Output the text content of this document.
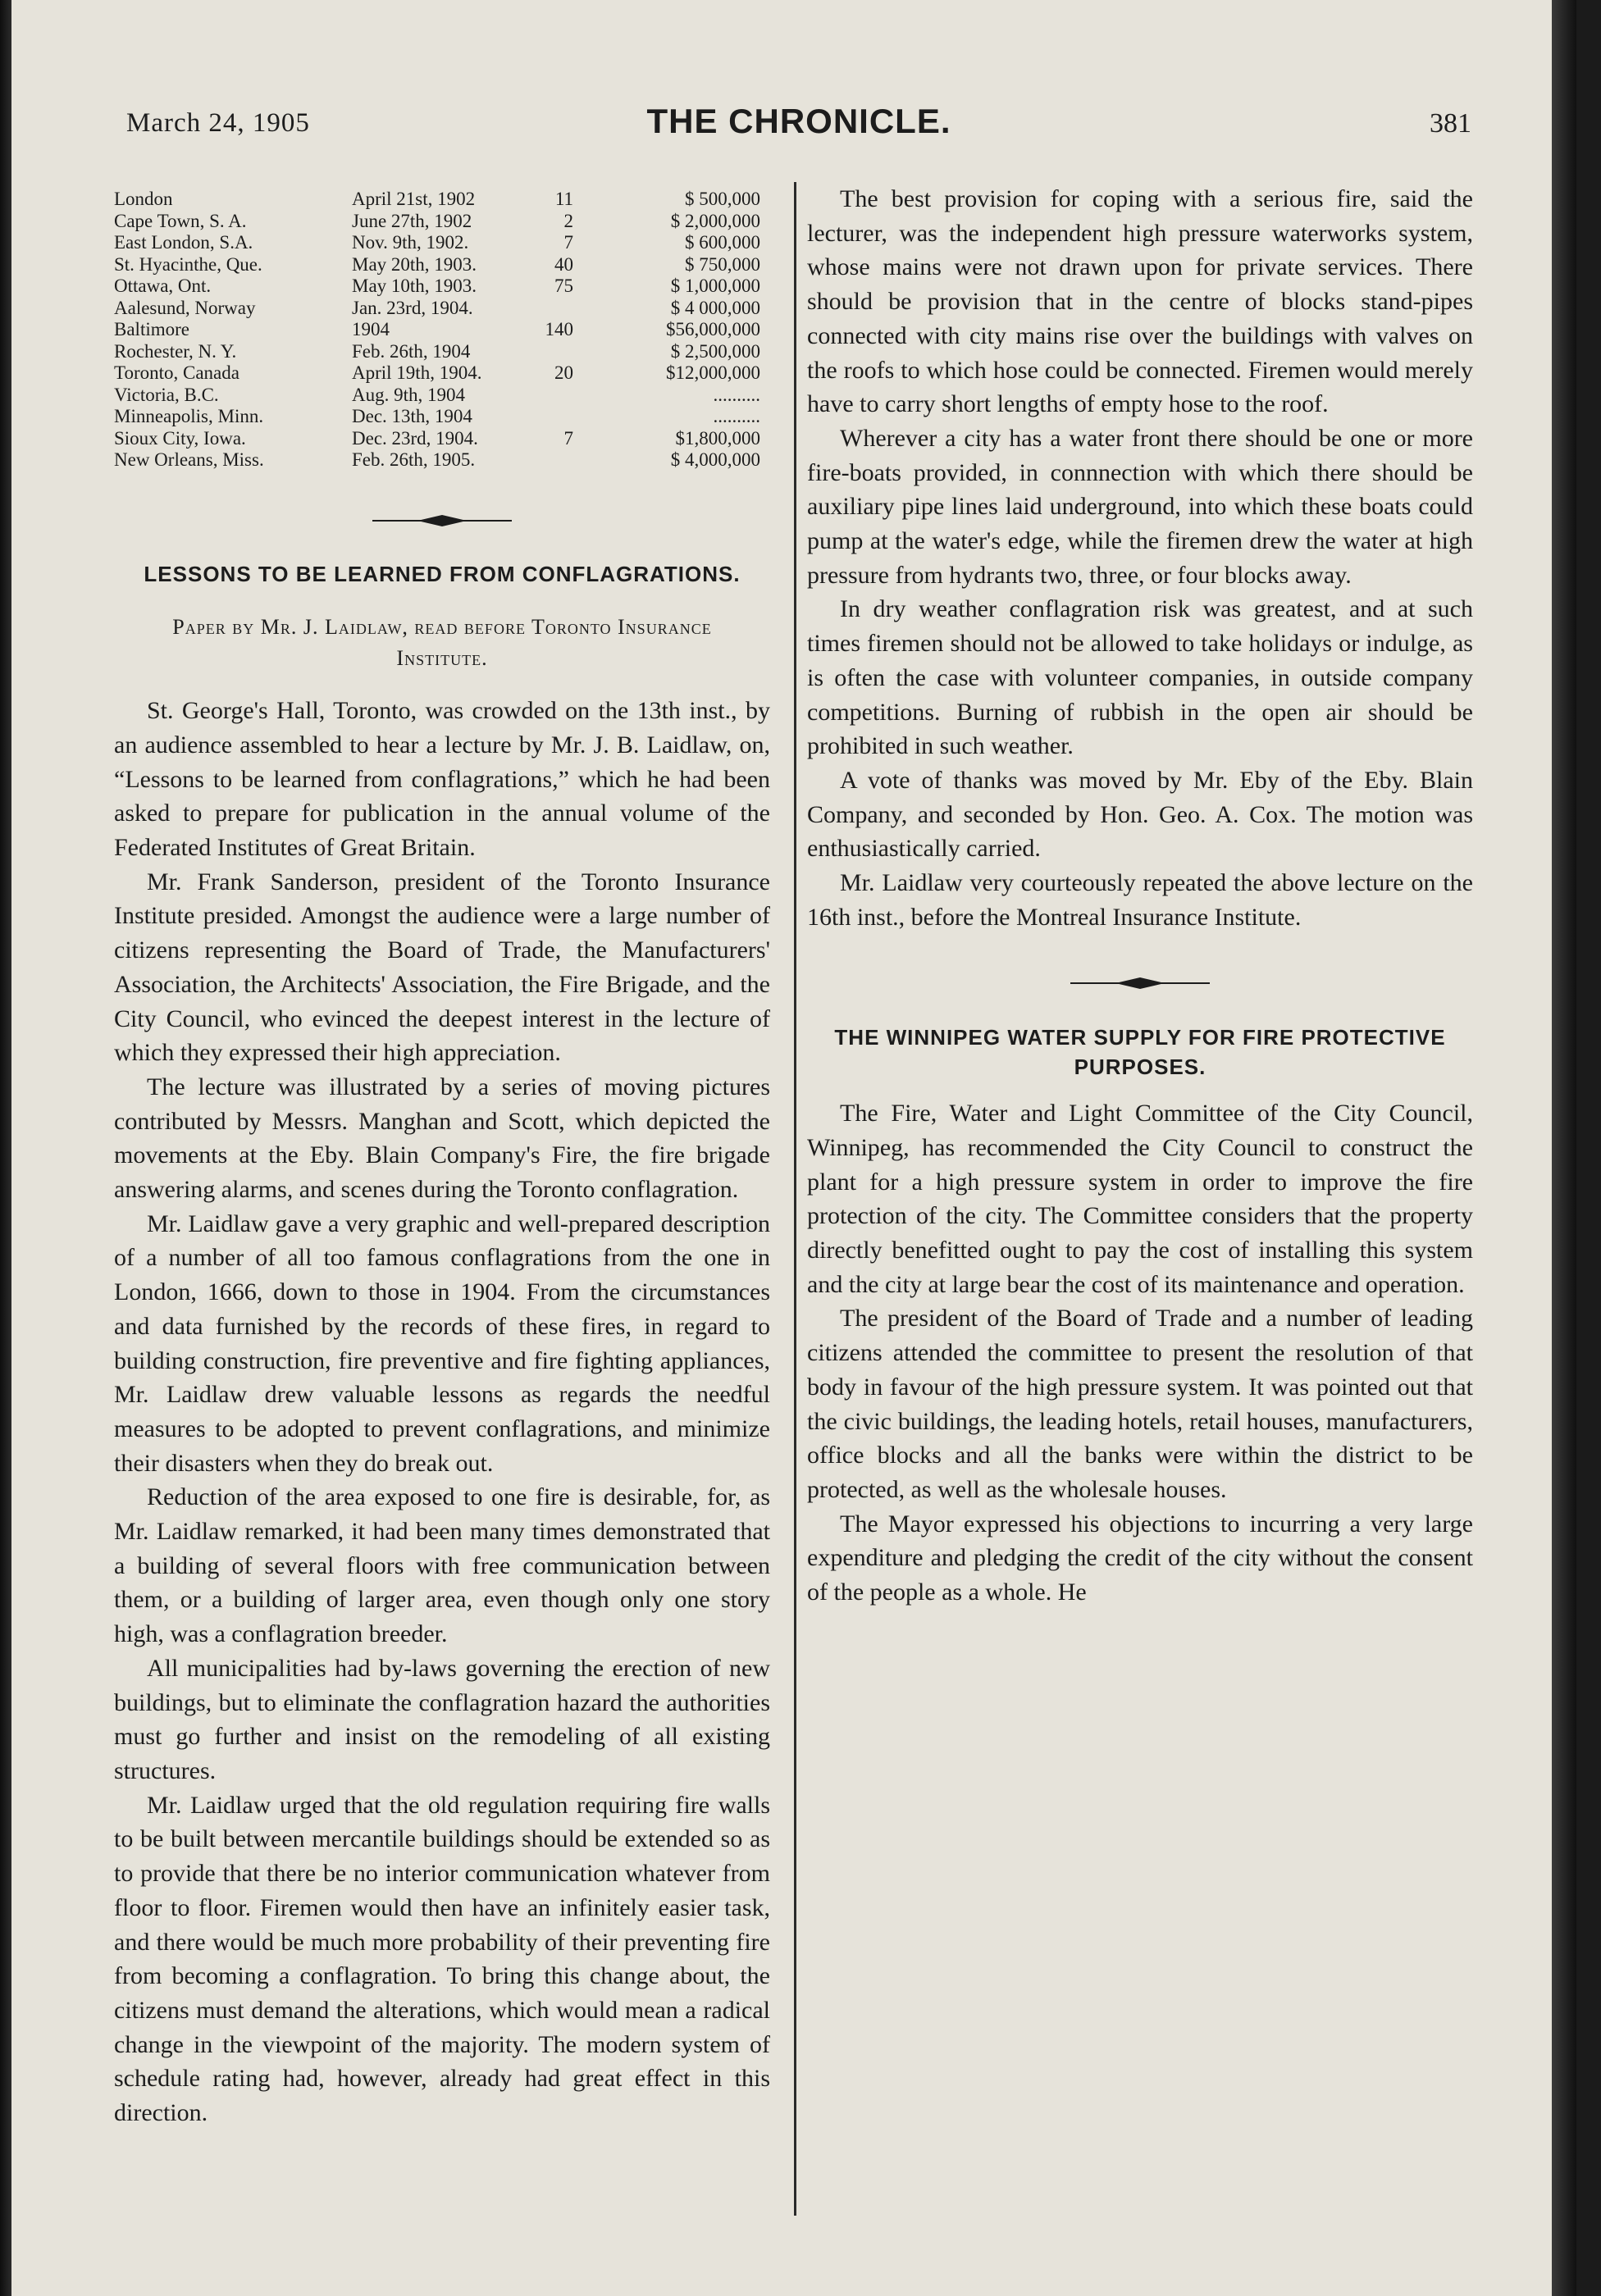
March 24, 1905	THE CHRONICLE.	381
London	April 21st, 1902	11	$ 500,000
Cape Town, S. A.	June 27th, 1902	2	$ 2,000,000
East London, S.A.	Nov. 9th, 1902.	7	$ 600,000
St. Hyacinthe, Que.	May 20th, 1903.	40	$ 750,000
Ottawa, Ont.	May 10th, 1903.	75	$ 1,000,000
Aalesund, Norway	Jan. 23rd, 1904.		$ 4 000,000
Baltimore	1904	140	$56,000,000
Rochester, N. Y.	Feb. 26th, 1904		$ 2,500,000
Toronto, Canada	April 19th, 1904.	20	$12,000,000
Victoria, B.C.	Aug. 9th, 1904		..........
Minneapolis, Minn.	Dec. 13th, 1904		..........
Sioux City, Iowa.	Dec. 23rd, 1904.	7	$1,800,000
New Orleans, Miss.	Feb. 26th, 1905.		$ 4,000,000
LESSONS TO BE LEARNED FROM CONFLAGRATIONS.
Paper by Mr. J. Laidlaw, read before Toronto Insurance Institute.

St. George's Hall, Toronto, was crowded on the 13th inst., by an audience assembled to hear a lecture by Mr. J. B. Laidlaw, on, “Lessons to be learned from conflagrations,” which he had been asked to prepare for publication in the annual volume of the Federated Institutes of Great Britain.

Mr. Frank Sanderson, president of the Toronto Insurance Institute presided. Amongst the audience were a large number of citizens representing the Board of Trade, the Manufacturers' Association, the Architects' Association, the Fire Brigade, and the City Council, who evinced the deepest interest in the lecture of which they expressed their high appreciation.

The lecture was illustrated by a series of moving pictures contributed by Messrs. Manghan and Scott, which depicted the movements at the Eby. Blain Company's Fire, the fire brigade answering alarms, and scenes during the Toronto conflagration.

Mr. Laidlaw gave a very graphic and well-prepared description of a number of all too famous conflagrations from the one in London, 1666, down to those in 1904. From the circumstances and data furnished by the records of these fires, in regard to building construction, fire preventive and fire fighting appliances, Mr. Laidlaw drew valuable lessons as regards the needful measures to be adopted to prevent conflagrations, and minimize their disasters when they do break out.

Reduction of the area exposed to one fire is desirable, for, as Mr. Laidlaw remarked, it had been many times demonstrated that a building of several floors with free communication between them, or a building of larger area, even though only one story high, was a conflagration breeder.

All municipalities had by-laws governing the erection of new buildings, but to eliminate the conflagration hazard the authorities must go further and insist on the remodeling of all existing structures.

Mr. Laidlaw urged that the old regulation requiring fire walls to be built between mercantile buildings should be extended so as to provide that there be no interior communication whatever from floor to floor. Firemen would then have an infinitely easier task, and there would be much more probability of their preventing fire from becoming a conflagration. To bring this change about, the citizens must demand the alterations, which would mean a radical change in the viewpoint of the majority. The modern system of schedule rating had, however, already had great effect in this direction.

The best provision for coping with a serious fire, said the lecturer, was the independent high pressure waterworks system, whose mains were not drawn upon for private services. There should be provision that in the centre of blocks stand-pipes connected with city mains rise over the buildings with valves on the roofs to which hose could be connected. Firemen would merely have to carry short lengths of empty hose to the roof.

Wherever a city has a water front there should be one or more fire-boats provided, in connnection with which there should be auxiliary pipe lines laid underground, into which these boats could pump at the water's edge, while the firemen drew the water at high pressure from hydrants two, three, or four blocks away.

In dry weather conflagration risk was greatest, and at such times firemen should not be allowed to take holidays or indulge, as is often the case with volunteer companies, in outside company competitions. Burning of rubbish in the open air should be prohibited in such weather.

A vote of thanks was moved by Mr. Eby of the Eby. Blain Company, and seconded by Hon. Geo. A. Cox. The motion was enthusiastically carried.

Mr. Laidlaw very courteously repeated the above lecture on the 16th inst., before the Montreal Insurance Institute.

THE WINNIPEG WATER SUPPLY FOR FIRE PROTECTIVE PURPOSES.

The Fire, Water and Light Committee of the City Council, Winnipeg, has recommended the City Council to construct the plant for a high pressure system in order to improve the fire protection of the city. The Committee considers that the property directly benefitted ought to pay the cost of installing this system and the city at large bear the cost of its maintenance and operation.

The president of the Board of Trade and a number of leading citizens attended the committee to present the resolution of that body in favour of the high pressure system. It was pointed out that the civic buildings, the leading hotels, retail houses, manufacturers, office blocks and all the banks were within the district to be protected, as well as the wholesale houses.

The Mayor expressed his objections to incurring a very large expenditure and pledging the credit of the city without the consent of the people as a whole. He
